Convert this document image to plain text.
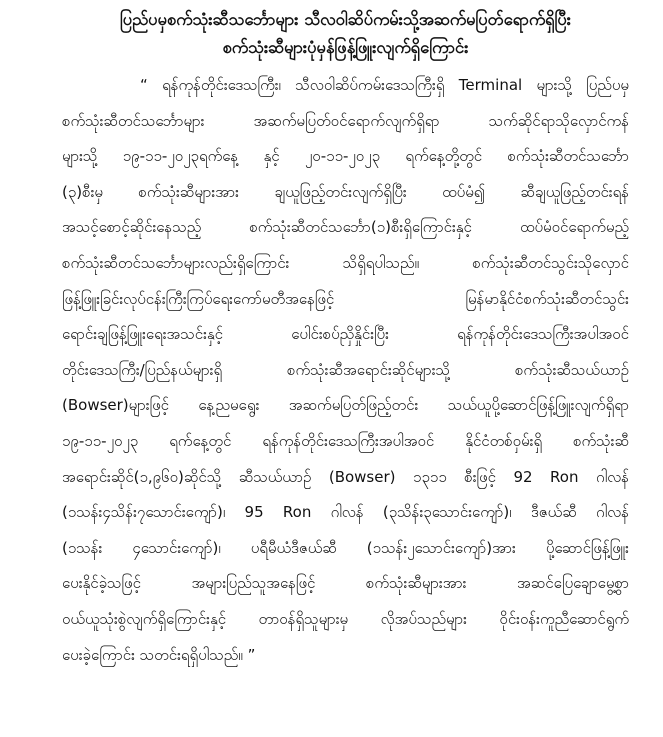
ပြည်ပမှစက်သုံးဆီသင်္ဘောများ သီလဝါဆိပ်ကမ်းသို့အဆက်မပြတ်ရောက်ရှိပြီး
စက်သုံးဆီများပုံမှန်ဖြန့်ဖြူးလျက်ရှိကြောင်း
“ ရန်ကုန်တိုင်းဒေသကြီး၊ သီလဝါဆိပ်ကမ်းဒေသကြီးရှိ Terminal များသို့ ပြည်ပမှ
စက်သုံးဆီတင်သင်္ဘောများ အဆက်မပြတ်ဝင်ရောက်လျက်ရှိရာ သက်ဆိုင်ရာသိုလှောင်ကန်
များသို့ ၁၉-၁၁-၂၀၂၃ရက်နေ့ နှင့် ၂၀-၁၁-၂၀၂၃ ရက်နေ့တို့တွင် စက်သုံးဆီတင်သင်္ဘော
(၃)စီးမှ စက်သုံးဆီများအား ချယူဖြည့်တင်းလျက်ရှိပြီး ထပ်မံ၍ ဆီချယူဖြည့်တင်းရန်
အသင့်စောင့်ဆိုင်းနေသည့် စက်သုံးဆီတင်သင်္ဘော(၁)စီးရှိကြောင်းနှင့် ထပ်မံဝင်ရောက်မည့်
စက်သုံးဆီတင်သင်္ဘောများလည်းရှိကြောင်း သိရှိရပါသည်။ စက်သုံးဆီတင်သွင်းသိုလှောင်
ဖြန့်ဖြူးခြင်းလုပ်ငန်းကြီးကြပ်ရေးကော်မတီအနေဖြင့် မြန်မာနိုင်ငံစက်သုံးဆီတင်သွင်း
ရောင်းချဖြန့်ဖြူးရေးအသင်းနှင့် ပေါင်းစပ်ညှိနှိုင်းပြီး ရန်ကုန်တိုင်းဒေသကြီးအပါအဝင်
တိုင်းဒေသကြီး/ပြည်နယ်များရှိ စက်သုံးဆီအရောင်းဆိုင်များသို့ စက်သုံးဆီသယ်ယာဉ်
(Bowser)များဖြင့် နေ့ညမရွေး အဆက်မပြတ်ဖြည့်တင်း သယ်ယူပို့ဆောင်ဖြန့်ဖြူးလျက်ရှိရာ
၁၉-၁၁-၂၀၂၃ ရက်နေ့တွင် ရန်ကုန်တိုင်းဒေသကြီးအပါအဝင် နိုင်ငံတစ်ဝှမ်းရှိ စက်သုံးဆီ
အရောင်းဆိုင်(၁,၉၆၀)ဆိုင်သို့ ဆီသယ်ယာဉ် (Bowser) ၁၃၁၁ စီးဖြင့် 92 Ron ဂါလန်
(၁သန်း၄သိန်း၇သောင်းကျော်)၊ 95 Ron ဂါလန် (၃သိန်း၃သောင်းကျော်)၊ ဒီဇယ်ဆီ ဂါလန်
(၁သန်း ၄သောင်းကျော်)၊ ပရီမီယံဒီဇယ်ဆီ (၁သန်း၂သောင်းကျော်)အား ပို့ဆောင်ဖြန့်ဖြူး
ပေးနိုင်ခဲ့သဖြင့် အများပြည်သူအနေဖြင့် စက်သုံးဆီများအား အဆင်ပြေချောမွေ့စွာ
ဝယ်ယူသုံးစွဲလျက်ရှိကြောင်းနှင့် တာဝန်ရှိသူများမှ လိုအပ်သည်များ ဝိုင်းဝန်းကူညီဆောင်ရွက်
ပေးခဲ့ကြောင်း သတင်းရရှိပါသည်။ ”
